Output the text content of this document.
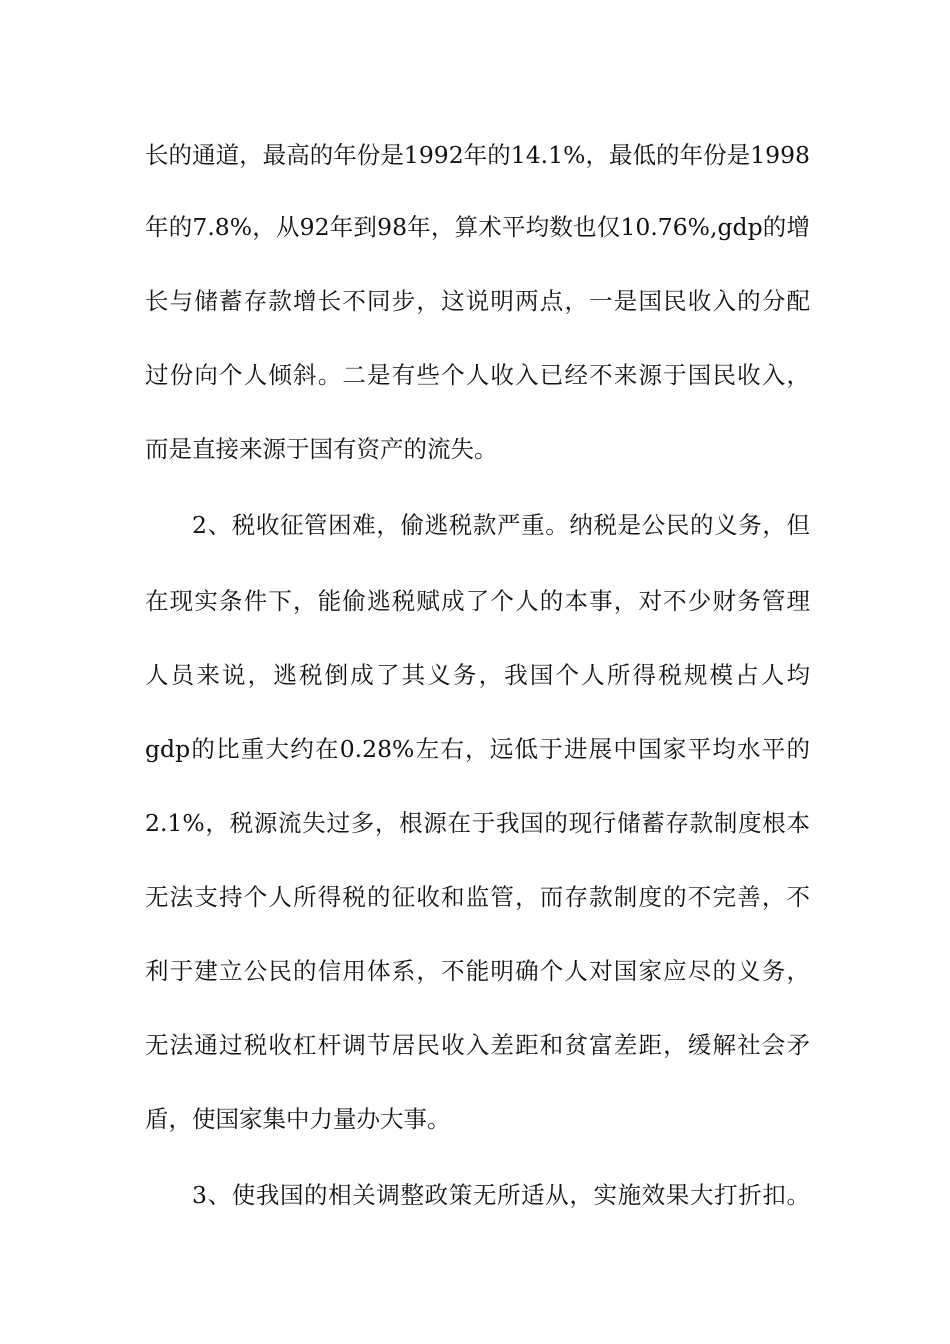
长的通道，最高的年份是1992年的14.1%，最低的年份是1998
年的7.8%，从92年到98年，算术平均数也仅10.76%,gdp的增
长与储蓄存款增长不同步，这说明两点，一是国民收入的分配
过份向个人倾斜。二是有些个人收入已经不来源于国民收入，
而是直接来源于国有资产的流失。
2、税收征管困难，偷逃税款严重。纳税是公民的义务，但
在现实条件下，能偷逃税赋成了个人的本事，对不少财务管理
人员来说，逃税倒成了其义务，我国个人所得税规模占人均
gdp的比重大约在0.28%左右，远低于进展中国家平均水平的
2.1%，税源流失过多，根源在于我国的现行储蓄存款制度根本
无法支持个人所得税的征收和监管，而存款制度的不完善，不
利于建立公民的信用体系，不能明确个人对国家应尽的义务，
无法通过税收杠杆调节居民收入差距和贫富差距，缓解社会矛
盾，使国家集中力量办大事。
3、使我国的相关调整政策无所适从，实施效果大打折扣。
